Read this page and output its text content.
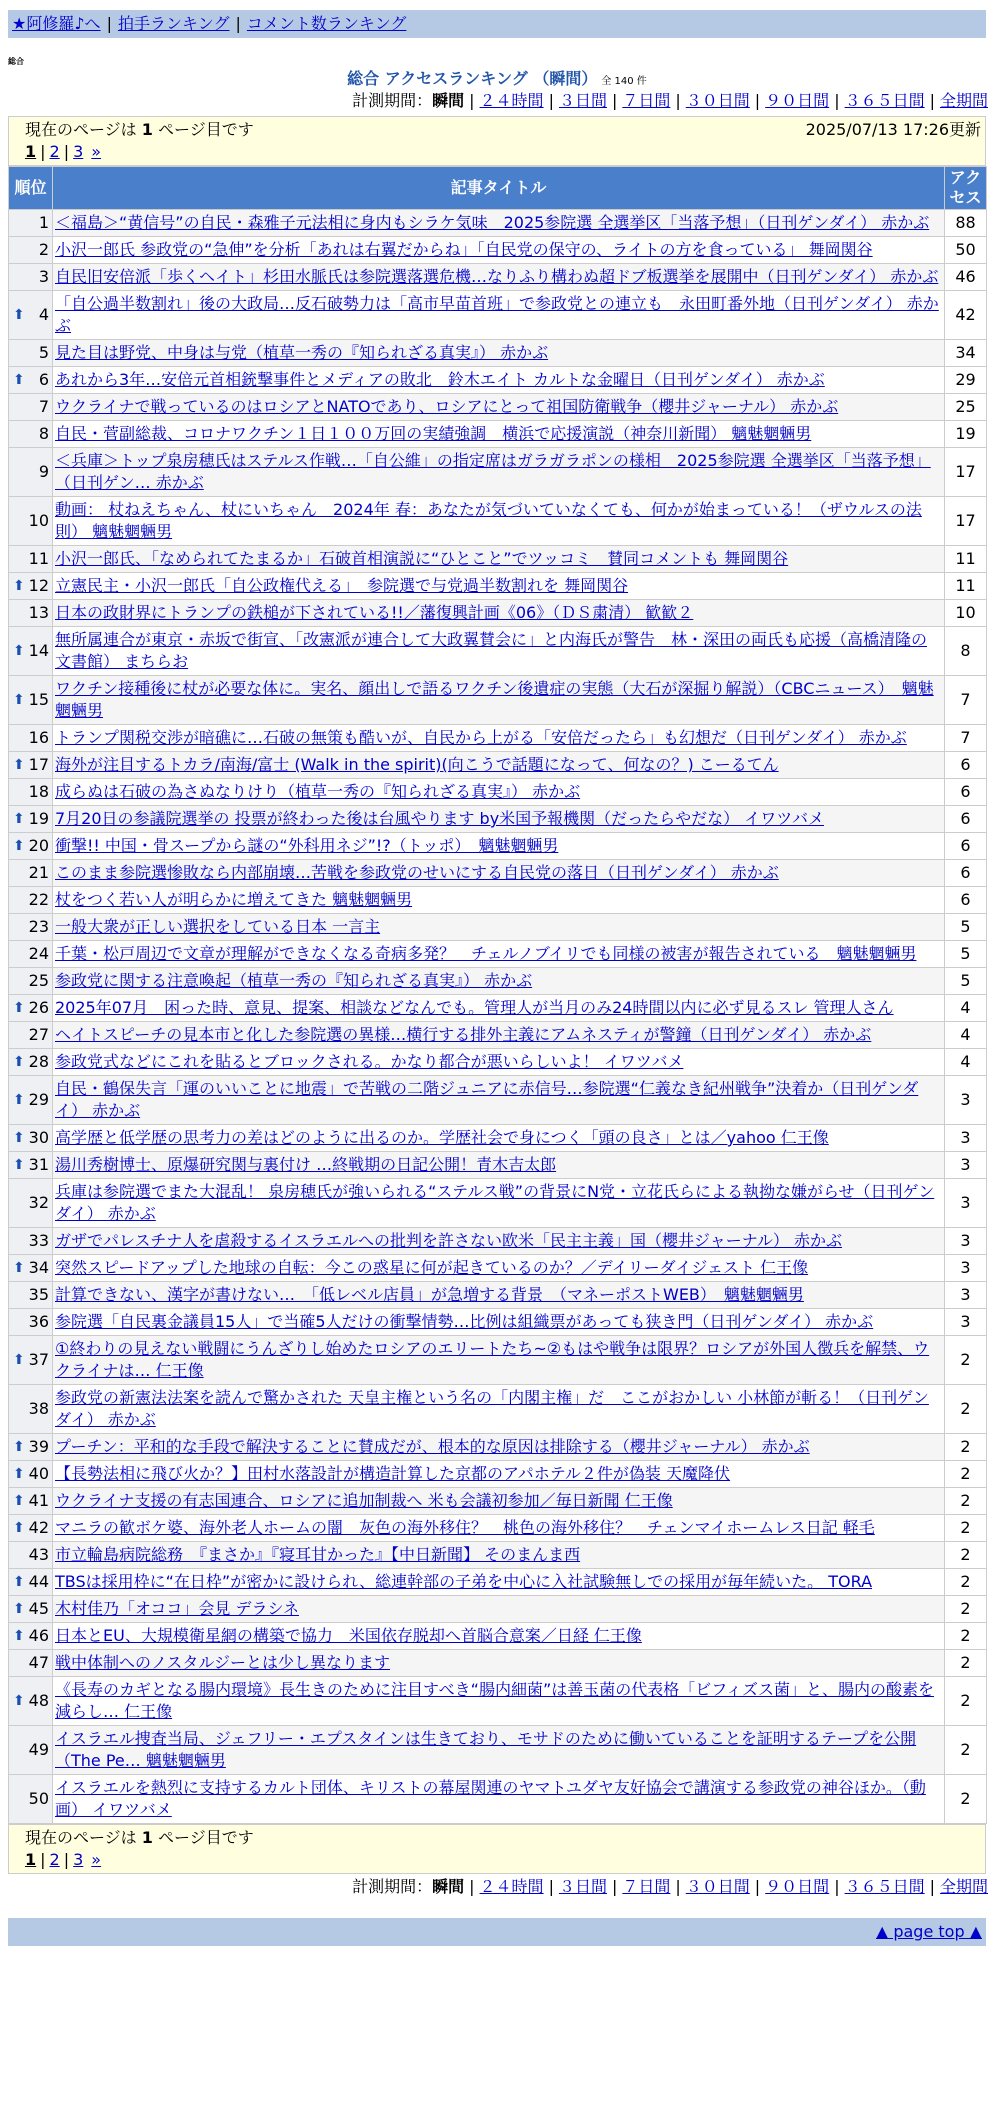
★阿修羅♪へ | 拍手ランキング | コメント数ランキング
総合
総合 アクセスランキング （瞬間） 全 140 件
計測期間：瞬間 | ２４時間 | ３日間 | ７日間 | ３０日間 | ９０日間 | ３６５日間 | 全期間
現在のページは 1 ページ目です	2025/07/13 17:26更新
1 | 2 | 3 »
順位	記事タイトル	アクセス
1	＜福島＞“黄信号”の自民・森雅子元法相に身内もシラケ気味　2025参院選 全選挙区「当落予想」（日刊ゲンダイ） 赤かぶ	88
2	小沢一郎氏 参政党の“急伸”を分析「あれは右翼だからね」「自民党の保守の、ライトの方を食っている」 舞岡関谷	50
3	自民旧安倍派「歩くヘイト」杉田水脈氏は参院選落選危機…なりふり構わぬ超ドブ板選挙を展開中（日刊ゲンダイ） 赤かぶ	46

⬆ 4	「自公過半数割れ」後の大政局…反石破勢力は「高市早苗首班」で参政党との連立も　永田町番外地（日刊ゲンダイ） 赤かぶ	42
5	見た目は野党、中身は与党（植草一秀の『知られざる真実』） 赤かぶ	34

⬆ 6	あれから3年…安倍元首相銃撃事件とメディアの敗北　鈴木エイト カルトな金曜日（日刊ゲンダイ） 赤かぶ	29
7	ウクライナで戦っているのはロシアとNATOであり、ロシアにとって祖国防衛戦争（櫻井ジャーナル） 赤かぶ	25
8	自民・菅副総裁、コロナワクチン１日１００万回の実績強調　横浜で応援演説（神奈川新聞） 魑魅魍魎男	19
9	＜兵庫＞トップ泉房穂氏はステルス作戦…「自公維」の指定席はガラガラポンの様相　2025参院選 全選挙区「当落予想」（日刊ゲン… 赤かぶ	17
10	動画： 杖ねえちゃん、杖にいちゃん　2024年 春：あなたが気づいていなくても、何かが始まっている！（ザウルスの法則） 魑魅魍魎男	17
11	小沢一郎氏、「なめられてたまるか」石破首相演説に“ひとこと”でツッコミ　賛同コメントも 舞岡関谷	11

⬆ 12	立憲民主・小沢一郎氏「自公政権代える」　参院選で与党過半数割れを 舞岡関谷	11
13	日本の政財界にトランプの鉄槌が下されている!!／藩復興計画《06》（ＤＳ粛清） 歓歓２	10

⬆ 14	無所属連合が東京・赤坂で街宣、「改憲派が連合して大政翼賛会に」と内海氏が警告　林・深田の両氏も応援（高橋清隆の文書館） まちらお	8

⬆ 15	ワクチン接種後に杖が必要な体に。実名、顔出しで語るワクチン後遺症の実態（大石が深掘り解説）（CBCニュース）　魑魅魍魎男	7
16	トランプ関税交渉が暗礁に…石破の無策も酷いが、自民から上がる「安倍だったら」も幻想だ（日刊ゲンダイ） 赤かぶ	7

⬆ 17	海外が注目するトカラ/南海/富士 (Walk in the spirit)(向こうで話題になって、何なの？) こーるてん	6
18	成らぬは石破の為さぬなりけり（植草一秀の『知られざる真実』） 赤かぶ	6

⬆ 19	7月20日の参議院選挙の 投票が終わった後は台風やります by米国予報機関（だったらやだな） イワツバメ	6

⬆ 20	衝撃!! 中国・骨スープから謎の“外科用ネジ”!?（トッポ）　魑魅魍魎男	6
21	このまま参院選惨敗なら内部崩壊…苦戦を参政党のせいにする自民党の落日（日刊ゲンダイ） 赤かぶ	6
22	杖をつく若い人が明らかに増えてきた 魑魅魍魎男	6
23	一般大衆が正しい選択をしている日本 一言主	5
24	千葉・松戸周辺で文章が理解ができなくなる奇病多発？　チェルノブイリでも同様の被害が報告されている　魑魅魍魎男	5
25	参政党に関する注意喚起（植草一秀の『知られざる真実』） 赤かぶ	5

⬆ 26	2025年07月　困った時、意見、提案、相談などなんでも。管理人が当月のみ24時間以内に必ず見るスレ 管理人さん	4
27	ヘイトスピーチの見本市と化した参院選の異様…横行する排外主義にアムネスティが警鐘（日刊ゲンダイ） 赤かぶ	4

⬆ 28	参政党式などにこれを貼るとブロックされる。かなり都合が悪いらしいよ！ イワツバメ	4

⬆ 29	自民・鶴保失言「運のいいことに地震」で苦戦の二階ジュニアに赤信号…参院選“仁義なき紀州戦争”決着か（日刊ゲンダイ） 赤かぶ	3

⬆ 30	高学歴と低学歴の思考力の差はどのように出るのか。学歴社会で身につく「頭の良さ」とは／yahoo 仁王像	3

⬆ 31	湯川秀樹博士、原爆研究関与裏付け …終戦期の日記公開！青木吉太郎	3
32	兵庫は参院選でまた大混乱！ 泉房穂氏が強いられる“ステルス戦”の背景にN党・立花氏らによる執拗な嫌がらせ（日刊ゲンダイ） 赤かぶ	3
33	ガザでパレスチナ人を虐殺するイスラエルへの批判を許さない欧米「民主主義」国（櫻井ジャーナル） 赤かぶ	3

⬆ 34	突然スピードアップした地球の自転：今この惑星に何が起きているのか？／デイリーダイジェスト 仁王像	3
35	計算できない、漢字が書けない…　「低レベル店員」が急増する背景　（マネーポストWEB）　魑魅魍魎男	3
36	参院選「自民裏金議員15人」で当確5人だけの衝撃情勢…比例は組織票があっても狭き門（日刊ゲンダイ） 赤かぶ	3

⬆ 37	①終わりの見えない戦闘にうんざりし始めたロシアのエリートたち~②もはや戦争は限界？ロシアが外国人徴兵を解禁、ウクライナは… 仁王像	2
38	参政党の新憲法法案を読んで驚かされた 天皇主権という名の「内閣主権」だ　ここがおかしい 小林節が斬る！（日刊ゲンダイ） 赤かぶ	2

⬆ 39	プーチン：平和的な手段で解決することに賛成だが、根本的な原因は排除する（櫻井ジャーナル） 赤かぶ	2

⬆ 40	【長勢法相に飛び火か？】田村水落設計が構造計算した京都のアパホテル２件が偽装 天魔降伏	2

⬆ 41	ウクライナ支援の有志国連合、ロシアに追加制裁へ 米も会議初参加／毎日新聞 仁王像	2

⬆ 42	マニラの歓ボケ婆、海外老人ホームの闇　灰色の海外移住？　桃色の海外移住？　チェンマイホームレス日記 軽毛	2
43	市立輪島病院総務　『まさか』『寝耳甘かった』【中日新聞】 そのまんま西	2

⬆ 44	TBSは採用枠に“在日枠”が密かに設けられ、総連幹部の子弟を中心に入社試験無しでの採用が毎年続いた。 TORA	2

⬆ 45	木村佳乃「オココ」会見 デラシネ	2

⬆ 46	日本とEU、大規模衛星網の構築で協力　米国依存脱却へ首脳合意案／日経 仁王像	2
47	戦中体制へのノスタルジーとは少し異なります	2

⬆ 48	《長寿のカギとなる腸内環境》長生きのために注目すべき“腸内細菌”は善玉菌の代表格「ビフィズス菌」と、腸内の酸素を減らし… 仁王像	2
49	イスラエル捜査当局、ジェフリー・エプスタインは生きており、モサドのために働いていることを証明するテープを公開（The Pe… 魑魅魍魎男	2
50	イスラエルを熱烈に支持するカルト団体、キリストの幕屋関連のヤマトユダヤ友好協会で講演する参政党の神谷ほか。（動画） イワツバメ	2
現在のページは 1 ページ目です
1 | 2 | 3 »
計測期間：瞬間 | ２４時間 | ３日間 | ７日間 | ３０日間 | ９０日間 | ３６５日間 | 全期間
▲ page top ▲
